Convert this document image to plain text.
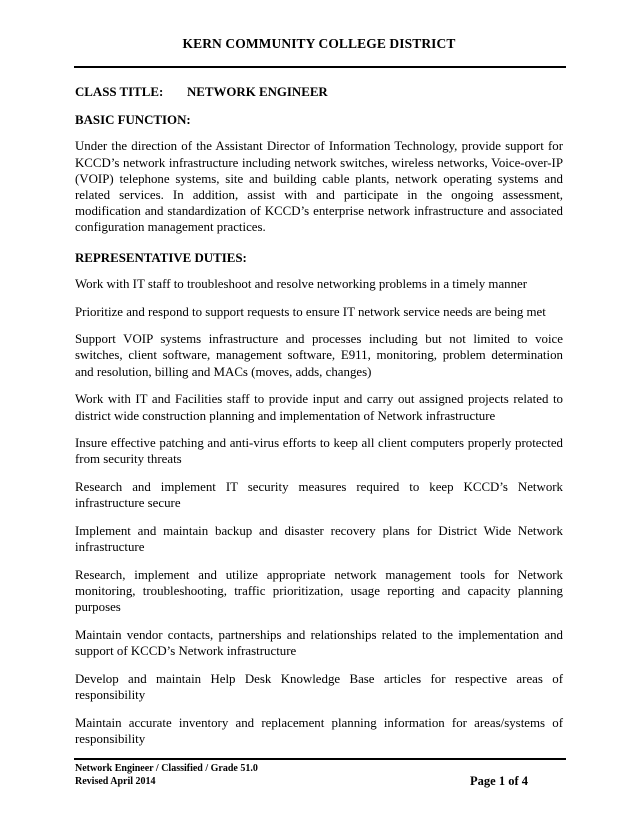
KERN COMMUNITY COLLEGE DISTRICT
CLASS TITLE: NETWORK ENGINEER
BASIC FUNCTION:
Under the direction of the Assistant Director of Information Technology, provide support for KCCD’s network infrastructure including network switches, wireless networks, Voice-over-IP (VOIP) telephone systems, site and building cable plants, network operating systems and related services. In addition, assist with and participate in the ongoing assessment, modification and standardization of KCCD’s enterprise network infrastructure and associated configuration management practices.
REPRESENTATIVE DUTIES:
Work with IT staff to troubleshoot and resolve networking problems in a timely manner
Prioritize and respond to support requests to ensure IT network service needs are being met
Support VOIP systems infrastructure and processes including but not limited to voice switches, client software, management software, E911, monitoring, problem determination and resolution, billing and MACs (moves, adds, changes)
Work with IT and Facilities staff to provide input and carry out assigned projects related to district wide construction planning and implementation of Network infrastructure
Insure effective patching and anti-virus efforts to keep all client computers properly protected from security threats
Research and implement IT security measures required to keep KCCD’s Network infrastructure secure
Implement and maintain backup and disaster recovery plans for District Wide Network infrastructure
Research, implement and utilize appropriate network management tools for Network monitoring, troubleshooting, traffic prioritization, usage reporting and capacity planning purposes
Maintain vendor contacts, partnerships and relationships related to the implementation and support of KCCD’s Network infrastructure
Develop and maintain Help Desk Knowledge Base articles for respective areas of responsibility
Maintain accurate inventory and replacement planning information for areas/systems of responsibility
Network Engineer / Classified / Grade 51.0
Revised April 2014	Page 1 of 4
